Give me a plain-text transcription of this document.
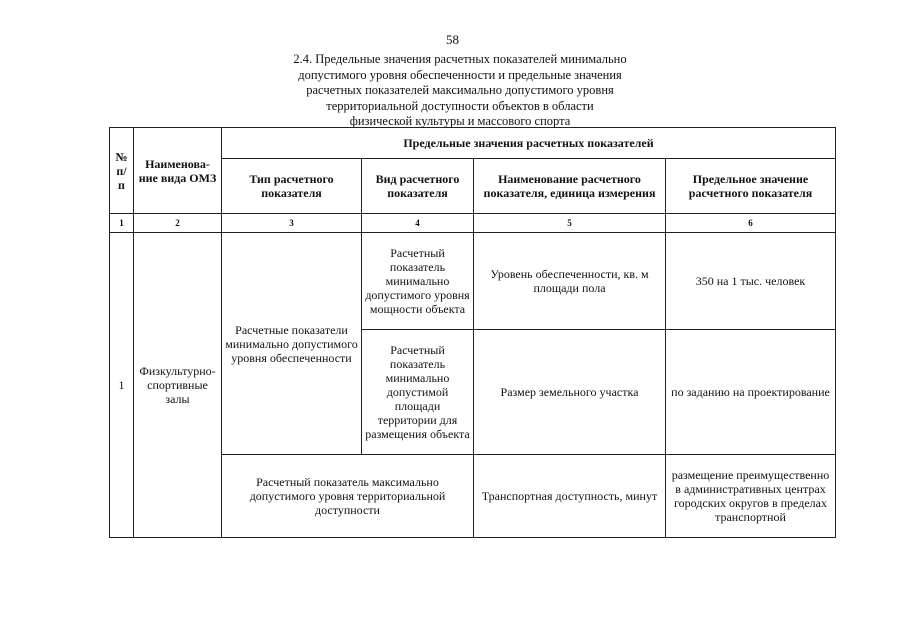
58
2.4. Предельные значения расчетных показателей минимально
допустимого уровня обеспеченности и предельные значения
расчетных показателей максимально допустимого уровня
территориальной доступности объектов в области
физической культуры и массового спорта
№ п/п	Наименова-ние вида ОМЗ	Предельные значения расчетных показателей			
		Тип расчетного показателя	Вид расчетного показателя	Наименование расчетного показателя, единица измерения	Предельное значение расчетного показателя
1	2	3	4	5	6
1	Физкультурно-спортивные залы	Расчетные показатели минимально допустимого уровня обеспеченности	Расчетный показатель минимально допустимого уровня мощности объекта	Уровень обеспеченности, кв. м площади пола	350 на 1 тыс. человек
			Расчетный показатель минимально допустимой площади территории для размещения объекта	Размер земельного участка	по заданию на проектирование
		Расчетный показатель максимально допустимого уровня территориальной доступности		Транспортная доступность, минут	размещение преимущественно в административных центрах городских округов в пределах транспортной
